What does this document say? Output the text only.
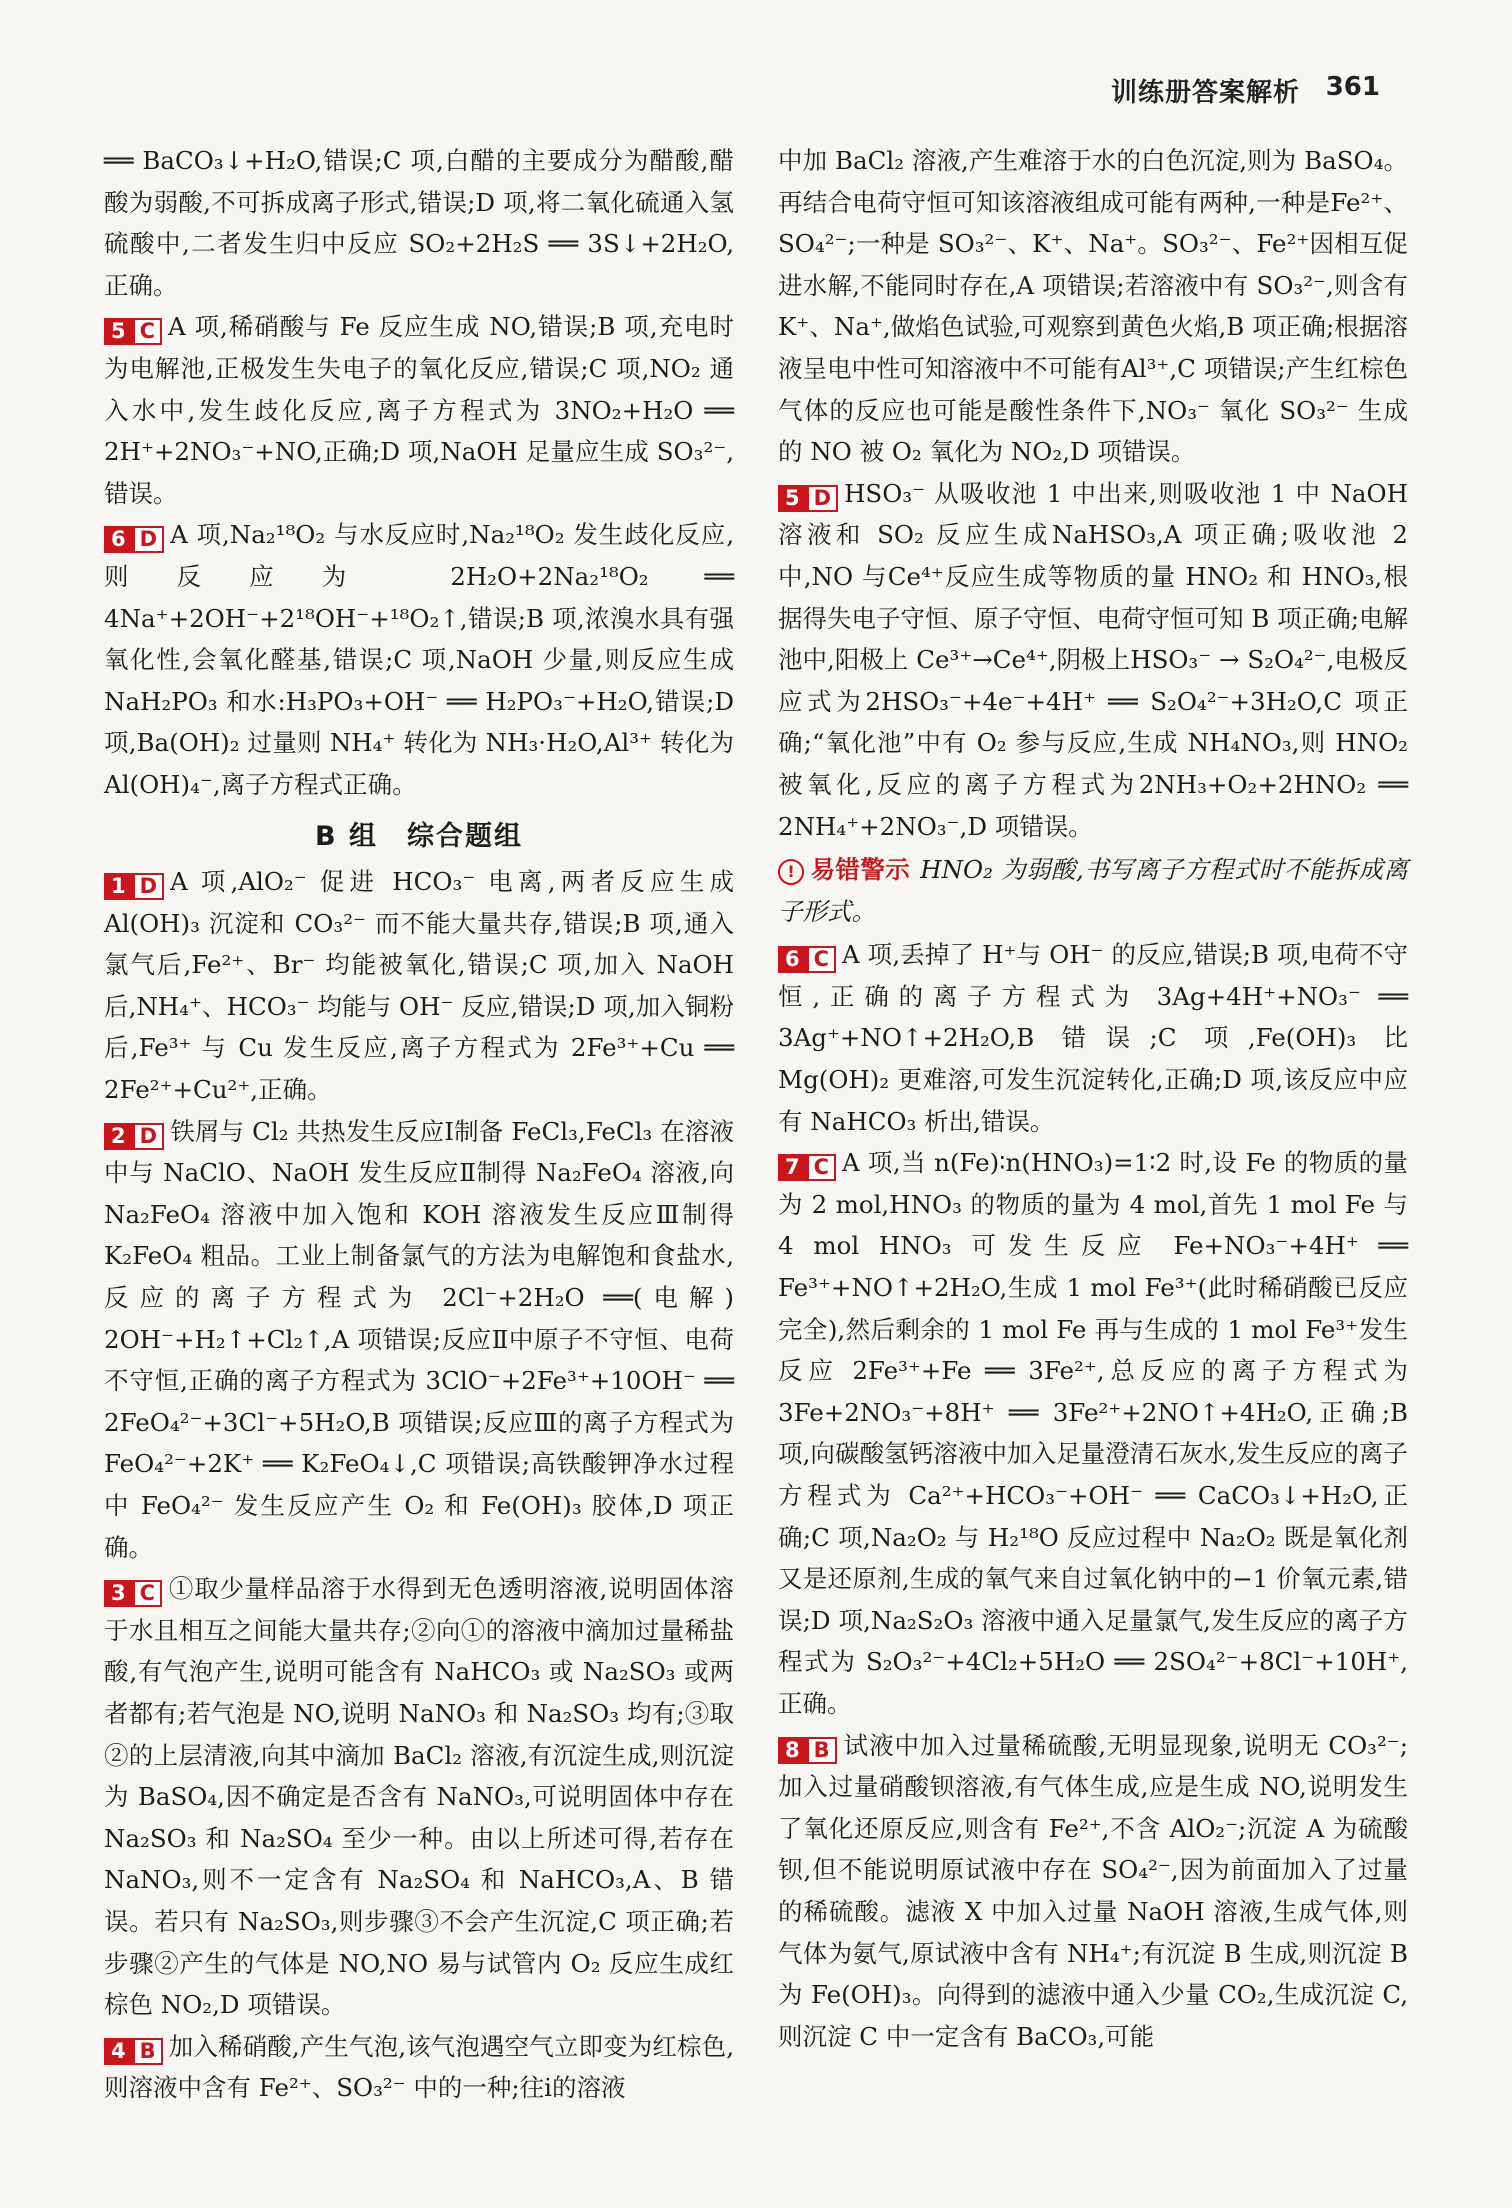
训练册答案解析 361

══ BaCO₃↓+H₂O,错误;C 项,白醋的主要成分为醋酸,醋酸为弱酸,不可拆成离子形式,错误;D 项,将二氧化硫通入氢硫酸中,二者发生归中反应 SO₂+2H₂S ══ 3S↓+2H₂O,正确。

5 C A 项,稀硝酸与 Fe 反应生成 NO,错误;B 项,充电时为电解池,正极发生失电子的氧化反应,错误;C 项,NO₂ 通入水中,发生歧化反应,离子方程式为 3NO₂+H₂O ══ 2H⁺+2NO₃⁻+NO,正确;D 项,NaOH 足量应生成 SO₃²⁻,错误。

6 D A 项,Na₂¹⁸O₂ 与水反应时,Na₂¹⁸O₂ 发生歧化反应,则反应为 2H₂O+2Na₂¹⁸O₂ ══ 4Na⁺+2OH⁻+2¹⁸OH⁻+¹⁸O₂↑,错误;B 项,浓溴水具有强氧化性,会氧化醛基,错误;C 项,NaOH 少量,则反应生成 NaH₂PO₃ 和水:H₃PO₃+OH⁻ ══ H₂PO₃⁻+H₂O,错误;D 项,Ba(OH)₂ 过量则 NH₄⁺ 转化为 NH₃·H₂O,Al³⁺ 转化为 Al(OH)₄⁻,离子方程式正确。

B 组　综合题组

1 D A 项,AlO₂⁻ 促进 HCO₃⁻ 电离,两者反应生成 Al(OH)₃ 沉淀和 CO₃²⁻ 而不能大量共存,错误;B 项,通入氯气后,Fe²⁺、Br⁻ 均能被氧化,错误;C 项,加入 NaOH 后,NH₄⁺、HCO₃⁻ 均能与 OH⁻ 反应,错误;D 项,加入铜粉后,Fe³⁺ 与 Cu 发生反应,离子方程式为 2Fe³⁺+Cu ══ 2Fe²⁺+Cu²⁺,正确。

2 D 铁屑与 Cl₂ 共热发生反应Ⅰ制备 FeCl₃,FeCl₃ 在溶液中与 NaClO、NaOH 发生反应Ⅱ制得 Na₂FeO₄ 溶液,向 Na₂FeO₄ 溶液中加入饱和 KOH 溶液发生反应Ⅲ制得 K₂FeO₄ 粗品。工业上制备氯气的方法为电解饱和食盐水,反应的离子方程式为 2Cl⁻+2H₂O ══(电解) 2OH⁻+H₂↑+Cl₂↑,A 项错误;反应Ⅱ中原子不守恒、电荷不守恒,正确的离子方程式为 3ClO⁻+2Fe³⁺+10OH⁻ ══ 2FeO₄²⁻+3Cl⁻+5H₂O,B 项错误;反应Ⅲ的离子方程式为FeO₄²⁻+2K⁺ ══ K₂FeO₄↓,C 项错误;高铁酸钾净水过程中 FeO₄²⁻ 发生反应产生 O₂ 和 Fe(OH)₃ 胶体,D 项正确。

3 C ①取少量样品溶于水得到无色透明溶液,说明固体溶于水且相互之间能大量共存;②向①的溶液中滴加过量稀盐酸,有气泡产生,说明可能含有 NaHCO₃ 或 Na₂SO₃ 或两者都有;若气泡是 NO,说明 NaNO₃ 和 Na₂SO₃ 均有;③取②的上层清液,向其中滴加 BaCl₂ 溶液,有沉淀生成,则沉淀为 BaSO₄,因不确定是否含有 NaNO₃,可说明固体中存在 Na₂SO₃ 和 Na₂SO₄ 至少一种。由以上所述可得,若存在 NaNO₃,则不一定含有 Na₂SO₄ 和 NaHCO₃,A、B 错误。若只有 Na₂SO₃,则步骤③不会产生沉淀,C 项正确;若步骤②产生的气体是 NO,NO 易与试管内 O₂ 反应生成红棕色 NO₂,D 项错误。

4 B 加入稀硝酸,产生气泡,该气泡遇空气立即变为红棕色,则溶液中含有 Fe²⁺、SO₃²⁻ 中的一种;往ⅰ的溶液

中加 BaCl₂ 溶液,产生难溶于水的白色沉淀,则为 BaSO₄。再结合电荷守恒可知该溶液组成可能有两种,一种是Fe²⁺、SO₄²⁻;一种是 SO₃²⁻、K⁺、Na⁺。SO₃²⁻、Fe²⁺因相互促进水解,不能同时存在,A 项错误;若溶液中有 SO₃²⁻,则含有 K⁺、Na⁺,做焰色试验,可观察到黄色火焰,B 项正确;根据溶液呈电中性可知溶液中不可能有Al³⁺,C 项错误;产生红棕色气体的反应也可能是酸性条件下,NO₃⁻ 氧化 SO₃²⁻ 生成的 NO 被 O₂ 氧化为 NO₂,D 项错误。

5 D HSO₃⁻ 从吸收池 1 中出来,则吸收池 1 中 NaOH 溶液和 SO₂ 反应生成NaHSO₃,A 项正确;吸收池 2 中,NO 与Ce⁴⁺反应生成等物质的量 HNO₂ 和 HNO₃,根据得失电子守恒、原子守恒、电荷守恒可知 B 项正确;电解池中,阳极上 Ce³⁺→Ce⁴⁺,阴极上HSO₃⁻ → S₂O₄²⁻,电极反应式为2HSO₃⁻+4e⁻+4H⁺ ══ S₂O₄²⁻+3H₂O,C 项正确;“氧化池”中有 O₂ 参与反应,生成 NH₄NO₃,则 HNO₂ 被氧化,反应的离子方程式为2NH₃+O₂+2HNO₂ ══ 2NH₄⁺+2NO₃⁻,D 项错误。

! 易错警示 HNO₂ 为弱酸,书写离子方程式时不能拆成离子形式。

6 C A 项,丢掉了 H⁺与 OH⁻ 的反应,错误;B 项,电荷不守恒,正确的离子方程式为 3Ag+4H⁺+NO₃⁻ ══ 3Ag⁺+NO↑+2H₂O,B 错误;C 项,Fe(OH)₃ 比 Mg(OH)₂ 更难溶,可发生沉淀转化,正确;D 项,该反应中应有 NaHCO₃ 析出,错误。

7 C A 项,当 n(Fe)∶n(HNO₃)=1∶2 时,设 Fe 的物质的量为 2 mol,HNO₃ 的物质的量为 4 mol,首先 1 mol Fe 与 4 mol HNO₃ 可发生反应 Fe+NO₃⁻+4H⁺ ══ Fe³⁺+NO↑+2H₂O,生成 1 mol Fe³⁺(此时稀硝酸已反应完全),然后剩余的 1 mol Fe 再与生成的 1 mol Fe³⁺发生反应 2Fe³⁺+Fe ══ 3Fe²⁺,总反应的离子方程式为 3Fe+2NO₃⁻+8H⁺ ══ 3Fe²⁺+2NO↑+4H₂O,正确;B 项,向碳酸氢钙溶液中加入足量澄清石灰水,发生反应的离子方程式为 Ca²⁺+HCO₃⁻+OH⁻ ══ CaCO₃↓+H₂O,正确;C 项,Na₂O₂ 与 H₂¹⁸O 反应过程中 Na₂O₂ 既是氧化剂又是还原剂,生成的氧气来自过氧化钠中的−1 价氧元素,错误;D 项,Na₂S₂O₃ 溶液中通入足量氯气,发生反应的离子方程式为 S₂O₃²⁻+4Cl₂+5H₂O ══ 2SO₄²⁻+8Cl⁻+10H⁺,正确。

8 B 试液中加入过量稀硫酸,无明显现象,说明无 CO₃²⁻;加入过量硝酸钡溶液,有气体生成,应是生成 NO,说明发生了氧化还原反应,则含有 Fe²⁺,不含 AlO₂⁻;沉淀 A 为硫酸钡,但不能说明原试液中存在 SO₄²⁻,因为前面加入了过量的稀硫酸。滤液 X 中加入过量 NaOH 溶液,生成气体,则气体为氨气,原试液中含有 NH₄⁺;有沉淀 B 生成,则沉淀 B 为 Fe(OH)₃。向得到的滤液中通入少量 CO₂,生成沉淀 C,则沉淀 C 中一定含有 BaCO₃,可能
